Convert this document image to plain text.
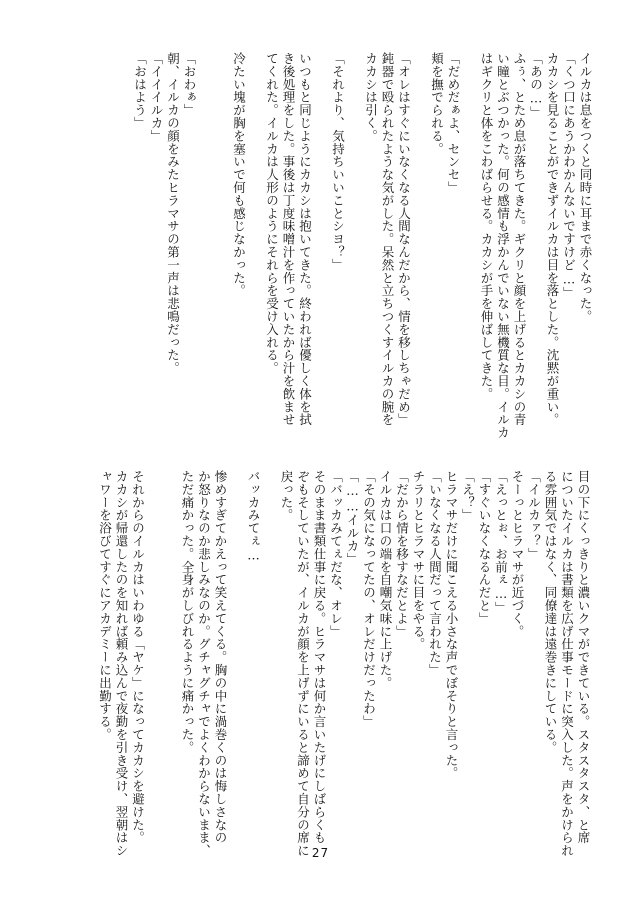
イルカは息をつくと同時に耳まで赤くなった。
「くつ口にあうかわかんないですけど…」
カカシを見ることができずイルカは目を落とした。沈黙が重い。
「あの…」
ふぅ、とため息が落ちてきた。ギクリと顔を上げるとカカシの青
い瞳とぶつかった。何の感情も浮かんでいない無機質な目。イルカ
はギクリと体をこわばらせる。カカシが手を伸ばしてきた。

「だめだぁよ、センセ」
頬を撫でられる。

「オレはすぐにいなくなる人間なんだから、情を移しちゃだめ」
鈍器で殴られたような気がした。呆然と立ちつくすイルカの腕を
カカシは引く。

「それより、気持ちいいことシヨ？」

いつもと同じようにカカシは抱いてきた。終われば優しく体を拭
き後処理をした。事後は丁度味噌汁を作っていたから汁を飲ませ
てくれた。イルカは人形のようにそれらを受け入れる。

冷たい塊が胸を塞いで何も感じなかった。

「おわぁ」
朝、イルカの顔をみたヒラマサの第一声は悲鳴だった。
「イイイルカ」
「おはよう」
目の下にくっきりと濃いクマができている。スタスタスタ、と席
についたイルカは書類を広げ仕事モードに突入した。声をかけられ
る雰囲気ではなく、同僚達は遠巻きにしている。
「イルカァ？」
そーっとヒラマサが近づく。
「えっとぉ、お前ぇ…」
「すぐいなくなるんだと」
「え？」
ヒラマサだけに聞こえる小さな声でぼそりと言った。
「いなくなる人間だって言われた」
チラリとヒラマサに目をやる。
「だから情を移すなだとよ」
イルカは口の端を自嘲気味に上げた。
「その気になってたの、オレだけだったわ」
「……イルカ」
「バッカみてぇだな、オレ」
そのまま書類仕事に戻る。ヒラマサは何か言いたげにしばらくも
ぞもそしていたが、イルカが顔を上げずにいると諦めて自分の席に
戻った。

バッカみてぇ…

惨めすぎてかえって笑えてくる。胸の中に渦巻くのは悔しさなの
か怒りなのか悲しみなのか。グチャグチャでよくわからないまま、
ただ痛かった。全身がしびれるように痛かった。

それからのイルカはいわゆる「ヤケ」になってカカシを避けた。
カカシが帰還したのを知れば頼み込んで夜勤を引き受け、翌朝はシ
ャワーを浴びてすぐにアカデミーに出勤する。
27
